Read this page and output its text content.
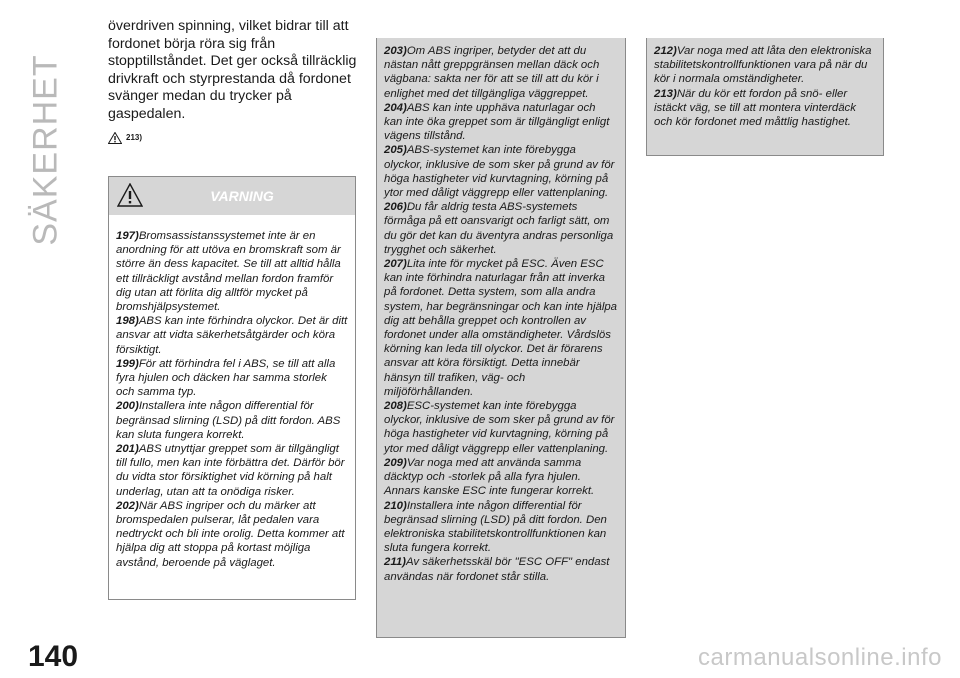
SÄKERHET
överdriven spinning, vilket bidrar till att fordonet börja röra sig från stopptillståndet. Det ger också tillräcklig drivkraft och styrprestanda då fordonet svänger medan du trycker på gaspedalen.
213)
VARNING

197)Bromsassistanssystemet inte är en anordning för att utöva en bromskraft som är större än dess kapacitet. Se till att alltid hålla ett tillräckligt avstånd mellan fordon framför dig utan att förlita dig alltför mycket på bromshjälpsystemet.

198)ABS kan inte förhindra olyckor. Det är ditt ansvar att vidta säkerhetsåtgärder och köra försiktigt.

199)För att förhindra fel i ABS, se till att alla fyra hjulen och däcken har samma storlek och samma typ.

200)Installera inte någon differential för begränsad slirning (LSD) på ditt fordon. ABS kan sluta fungera korrekt.

201)ABS utnyttjar greppet som är tillgängligt till fullo, men kan inte förbättra det. Därför bör du vidta stor försiktighet vid körning på halt underlag, utan att ta onödiga risker.

202)När ABS ingriper och du märker att bromspedalen pulserar, låt pedalen vara nedtryckt och bli inte orolig. Detta kommer att hjälpa dig att stoppa på kortast möjliga avstånd, beroende på väglaget.

203)Om ABS ingriper, betyder det att du nästan nått greppgränsen mellan däck och vägbana: sakta ner för att se till att du kör i enlighet med det tillgängliga väggreppet.

204)ABS kan inte upphäva naturlagar och kan inte öka greppet som är tillgängligt enligt vägens tillstånd.

205)ABS-systemet kan inte förebygga olyckor, inklusive de som sker på grund av för höga hastigheter vid kurvtagning, körning på ytor med dåligt väggrepp eller vattenplaning.

206)Du får aldrig testa ABS-systemets förmåga på ett oansvarigt och farligt sätt, om du gör det kan du äventyra andras personliga trygghet och säkerhet.

207)Lita inte för mycket på ESC. Även ESC kan inte förhindra naturlagar från att inverka på fordonet. Detta system, som alla andra system, har begränsningar och kan inte hjälpa dig att behålla greppet och kontrollen av fordonet under alla omständigheter. Vårdslös körning kan leda till olyckor. Det är förarens ansvar att köra försiktigt. Detta innebär hänsyn till trafiken, väg- och miljöförhållanden.

208)ESC-systemet kan inte förebygga olyckor, inklusive de som sker på grund av för höga hastigheter vid kurvtagning, körning på ytor med dåligt väggrepp eller vattenplaning.

209)Var noga med att använda samma däcktyp och -storlek på alla fyra hjulen. Annars kanske ESC inte fungerar korrekt.

210)Installera inte någon differential för begränsad slirning (LSD) på ditt fordon. Den elektroniska stabilitetskontrollfunktionen kan sluta fungera korrekt.

211)Av säkerhetsskäl bör "ESC OFF" endast användas när fordonet står stilla.

212)Var noga med att låta den elektroniska stabilitetskontrollfunktionen vara på när du kör i normala omständigheter.

213)När du kör ett fordon på snö- eller istäckt väg, se till att montera vinterdäck och kör fordonet med måttlig hastighet.

140	carmanualsonline.info
